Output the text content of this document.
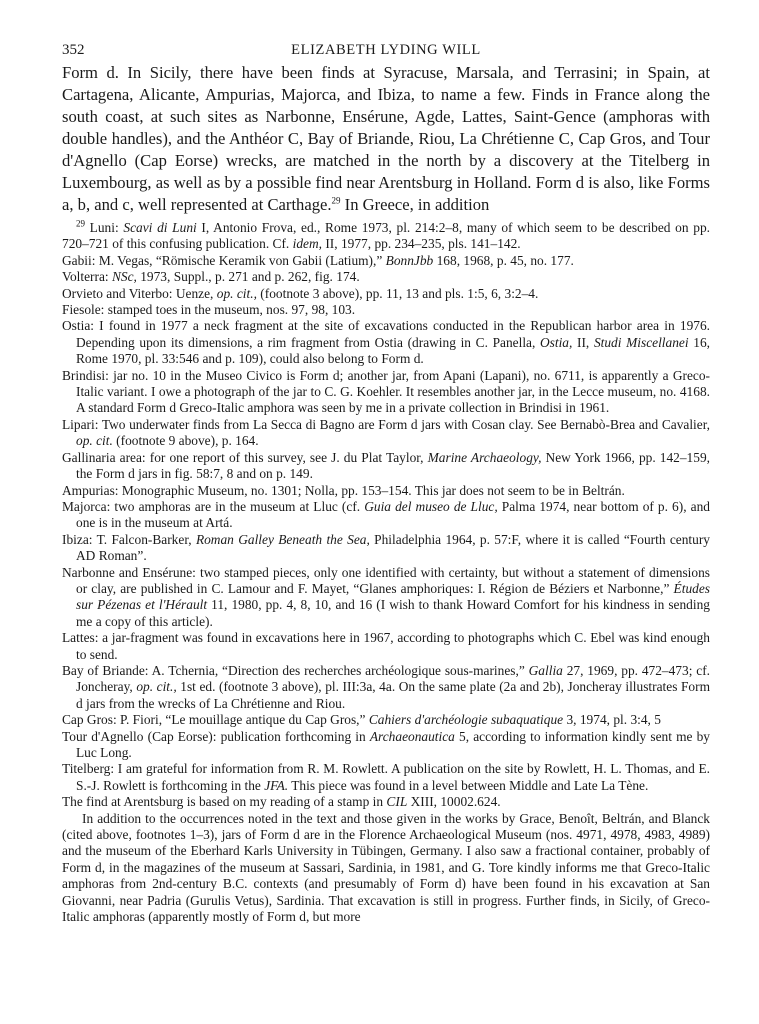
352	ELIZABETH LYDING WILL

Form d. In Sicily, there have been finds at Syracuse, Marsala, and Terrasini; in Spain, at Cartagena, Alicante, Ampurias, Majorca, and Ibiza, to name a few. Finds in France along the south coast, at such sites as Narbonne, Ensérune, Agde, Lattes, Saint-Gence (amphoras with double handles), and the Anthéor C, Bay of Briande, Riou, La Chrétienne C, Cap Gros, and Tour d'Agnello (Cap Eorse) wrecks, are matched in the north by a discovery at the Titelberg in Luxembourg, as well as by a possible find near Arentsburg in Holland. Form d is also, like Forms a, b, and c, well represented at Carthage.$^{29}$ In Greece, in addition

$^{29}$ Luni: Scavi di Luni I, Antonio Frova, ed., Rome 1973, pl. 214:2–8, many of which seem to be described on pp. 720–721 of this confusing publication. Cf. idem, II, 1977, pp. 234–235, pls. 141–142.

Gabii: M. Vegas, “Römische Keramik von Gabii (Latium),” BonnJbb 168, 1968, p. 45, no. 177.

Volterra: NSc, 1973, Suppl., p. 271 and p. 262, fig. 174.

Orvieto and Viterbo: Uenze, op. cit., (footnote 3 above), pp. 11, 13 and pls. 1:5, 6, 3:2–4.

Fiesole: stamped toes in the museum, nos. 97, 98, 103.

Ostia: I found in 1977 a neck fragment at the site of excavations conducted in the Republican harbor area in 1976. Depending upon its dimensions, a rim fragment from Ostia (drawing in C. Panella, Ostia, II, Studi Miscellanei 16, Rome 1970, pl. 33:546 and p. 109), could also belong to Form d.

Brindisi: jar no. 10 in the Museo Civico is Form d; another jar, from Apani (Lapani), no. 6711, is apparently a Greco-Italic variant. I owe a photograph of the jar to C. G. Koehler. It resembles another jar, in the Lecce museum, no. 4168. A standard Form d Greco-Italic amphora was seen by me in a private collection in Brindisi in 1961.

Lipari: Two underwater finds from La Secca di Bagno are Form d jars with Cosan clay. See Bernabò-Brea and Cavalier, op. cit. (footnote 9 above), p. 164.

Gallinaria area: for one report of this survey, see J. du Plat Taylor, Marine Archaeology, New York 1966, pp. 142–159, the Form d jars in fig. 58:7, 8 and on p. 149.

Ampurias: Monographic Museum, no. 1301; Nolla, pp. 153–154. This jar does not seem to be in Beltrán.

Majorca: two amphoras are in the museum at Lluc (cf. Guia del museo de Lluc, Palma 1974, near bottom of p. 6), and one is in the museum at Artá.

Ibiza: T. Falcon-Barker, Roman Galley Beneath the Sea, Philadelphia 1964, p. 57:F, where it is called “Fourth century AD Roman”.

Narbonne and Ensérune: two stamped pieces, only one identified with certainty, but without a statement of dimensions or clay, are published in C. Lamour and F. Mayet, “Glanes amphoriques: I. Région de Béziers et Narbonne,” Études sur Pézenas et l'Hérault 11, 1980, pp. 4, 8, 10, and 16 (I wish to thank Howard Comfort for his kindness in sending me a copy of this article).

Lattes: a jar-fragment was found in excavations here in 1967, according to photographs which C. Ebel was kind enough to send.

Bay of Briande: A. Tchernia, “Direction des recherches archéologique sous-marines,” Gallia 27, 1969, pp. 472–473; cf. Joncheray, op. cit., 1st ed. (footnote 3 above), pl. III:3a, 4a. On the same plate (2a and 2b), Joncheray illustrates Form d jars from the wrecks of La Chrétienne and Riou.

Cap Gros: P. Fiori, “Le mouillage antique du Cap Gros,” Cahiers d'archéologie subaquatique 3, 1974, pl. 3:4, 5

Tour d'Agnello (Cap Eorse): publication forthcoming in Archaeonautica 5, according to information kindly sent me by Luc Long.

Titelberg: I am grateful for information from R. M. Rowlett. A publication on the site by Rowlett, H. L. Thomas, and E. S.-J. Rowlett is forthcoming in the JFA. This piece was found in a level between Middle and Late La Tène.

The find at Arentsburg is based on my reading of a stamp in CIL XIII, 10002.624.

In addition to the occurrences noted in the text and those given in the works by Grace, Benoît, Beltrán, and Blanck (cited above, footnotes 1–3), jars of Form d are in the Florence Archaeological Museum (nos. 4971, 4978, 4983, 4989) and the museum of the Eberhard Karls University in Tübingen, Germany. I also saw a fractional container, probably of Form d, in the magazines of the museum at Sassari, Sardinia, in 1981, and G. Tore kindly informs me that Greco-Italic amphoras from 2nd-century B.C. contexts (and presumably of Form d) have been found in his excavation at San Giovanni, near Padria (Gurulis Vetus), Sardinia. That excavation is still in progress. Further finds, in Sicily, of Greco-Italic amphoras (apparently mostly of Form d, but more
